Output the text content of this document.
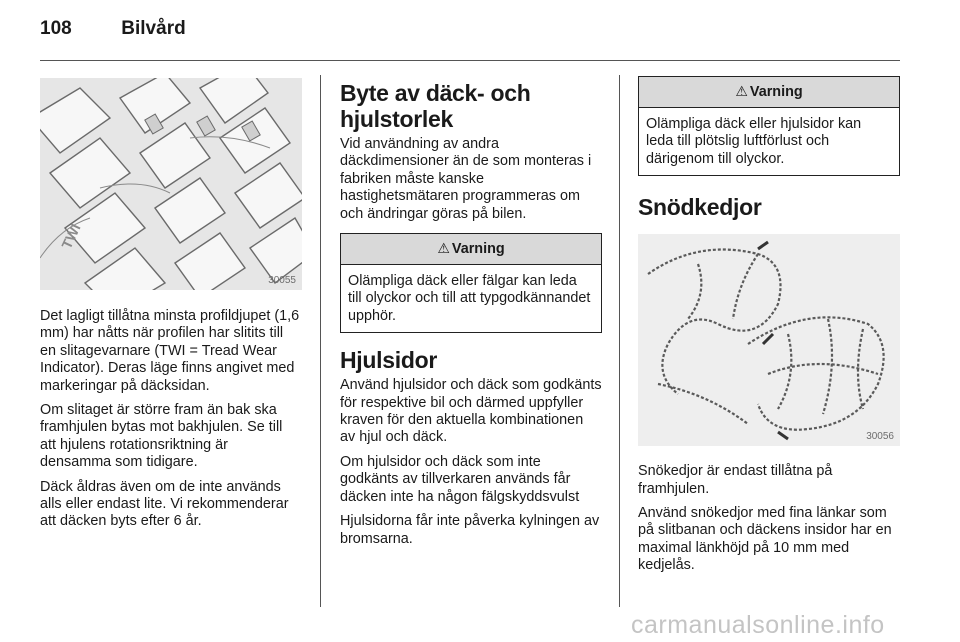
108	Bilvård
TWI
30055

Det lagligt tillåtna minsta profildjupet (1,6 mm) har nåtts när profilen har slitits till en slitagevarnare (TWI = Tread Wear Indicator). Deras läge finns angivet med markeringar på däcksidan.

Om slitaget är större fram än bak ska framhjulen bytas mot bakhjulen. Se till att hjulens rotationsriktning är densamma som tidigare.

Däck åldras även om de inte används alls eller endast lite. Vi rekommenderar att däcken byts efter 6 år.

Byte av däck- och hjulstorlek

Vid användning av andra däckdimensioner än de som monteras i fabriken måste kanske hastighetsmätaren programmeras om och ändringar göras på bilen.

⚠ Varning
Olämpliga däck eller fälgar kan leda till olyckor och till att typgodkännandet upphör.
Hjulsidor

Använd hjulsidor och däck som godkänts för respektive bil och därmed uppfyller kraven för den aktuella kombinationen av hjul och däck.

Om hjulsidor och däck som inte godkänts av tillverkaren används får däcken inte ha någon fälgskyddsvulst

Hjulsidorna får inte påverka kylningen av bromsarna.

⚠ Varning
Olämpliga däck eller hjulsidor kan leda till plötslig luftförlust och därigenom till olyckor.
Snödkedjor
30056

Snökedjor är endast tillåtna på framhjulen.

Använd snökedjor med fina länkar som på slitbanan och däckens insidor har en maximal länkhöjd på 10 mm med kedjelås.

carmanualsonline.info
